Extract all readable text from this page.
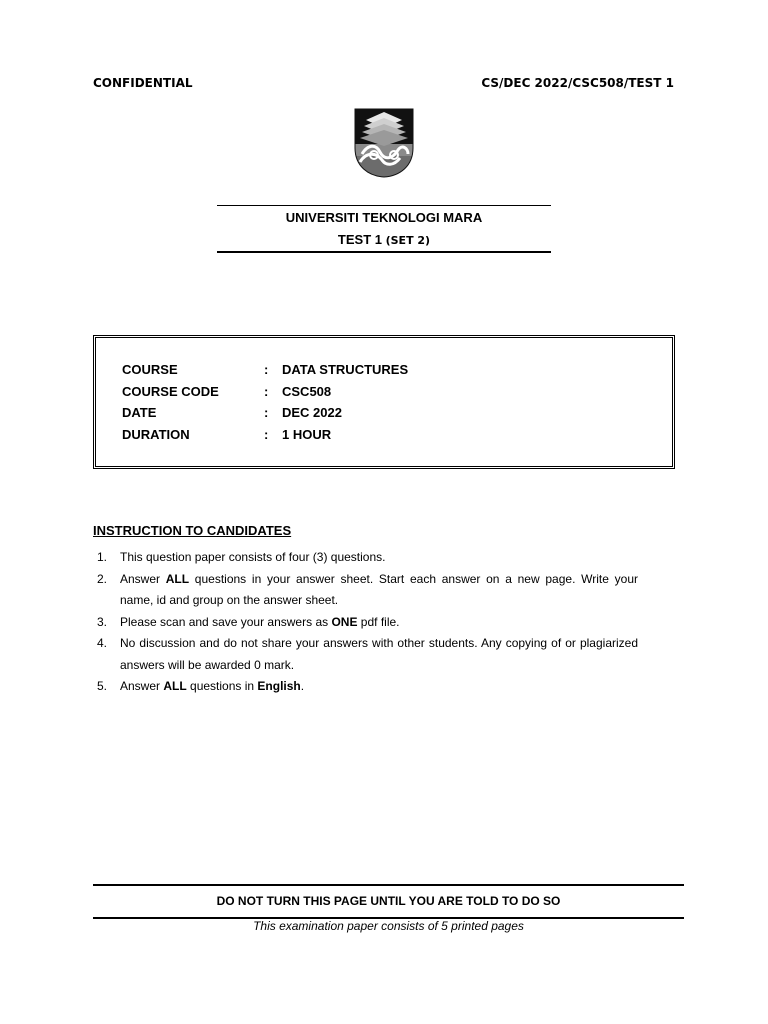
CONFIDENTIAL	CS/DEC 2022/CSC508/TEST 1
UNIVERSITI TEKNOLOGI MARA
TEST 1 (SET 2)
COURSE	: DATA STRUCTURES
COURSE CODE	: CSC508
DATE	: DEC 2022
DURATION	: 1 HOUR
INSTRUCTION TO CANDIDATES
1. This question paper consists of four (3) questions.
2. Answer ALL questions in your answer sheet. Start each answer on a new page. Write your name, id and group on the answer sheet.
3. Please scan and save your answers as ONE pdf file.
4. No discussion and do not share your answers with other students. Any copying of or plagiarized answers will be awarded 0 mark.
5. Answer ALL questions in English.
DO NOT TURN THIS PAGE UNTIL YOU ARE TOLD TO DO SO
This examination paper consists of 5 printed pages
